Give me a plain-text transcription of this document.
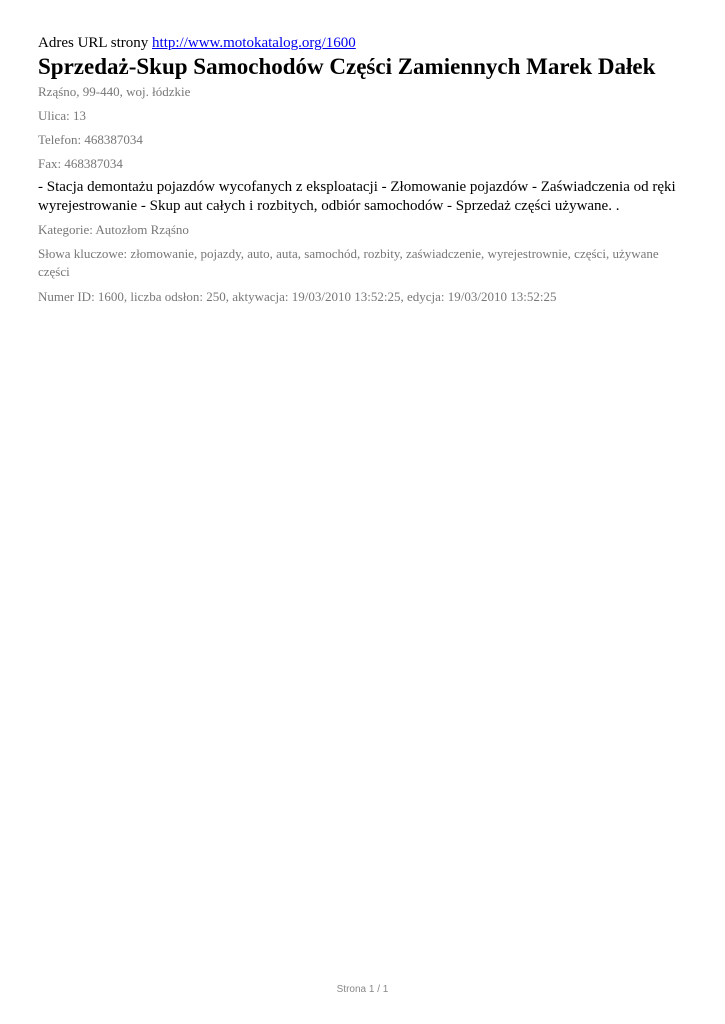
Adres URL strony http://www.motokatalog.org/1600
Sprzedaż-Skup Samochodów Części Zamiennych Marek Dałek

Rząśno, 99-440, woj. łódzkie

Ulica: 13

Telefon: 468387034

Fax: 468387034

- Stacja demontażu pojazdów wycofanych z eksploatacji - Złomowanie pojazdów - Zaświadczenia od ręki wyrejestrowanie - Skup aut całych i rozbitych, odbiór samochodów - Sprzedaż części używane. .

Kategorie: Autozłom Rząśno

Słowa kluczowe: złomowanie, pojazdy, auto, auta, samochód, rozbity, zaświadczenie, wyrejestrownie, części, używane części

Numer ID: 1600, liczba odsłon: 250, aktywacja: 19/03/2010 13:52:25, edycja: 19/03/2010 13:52:25

Strona 1 / 1
